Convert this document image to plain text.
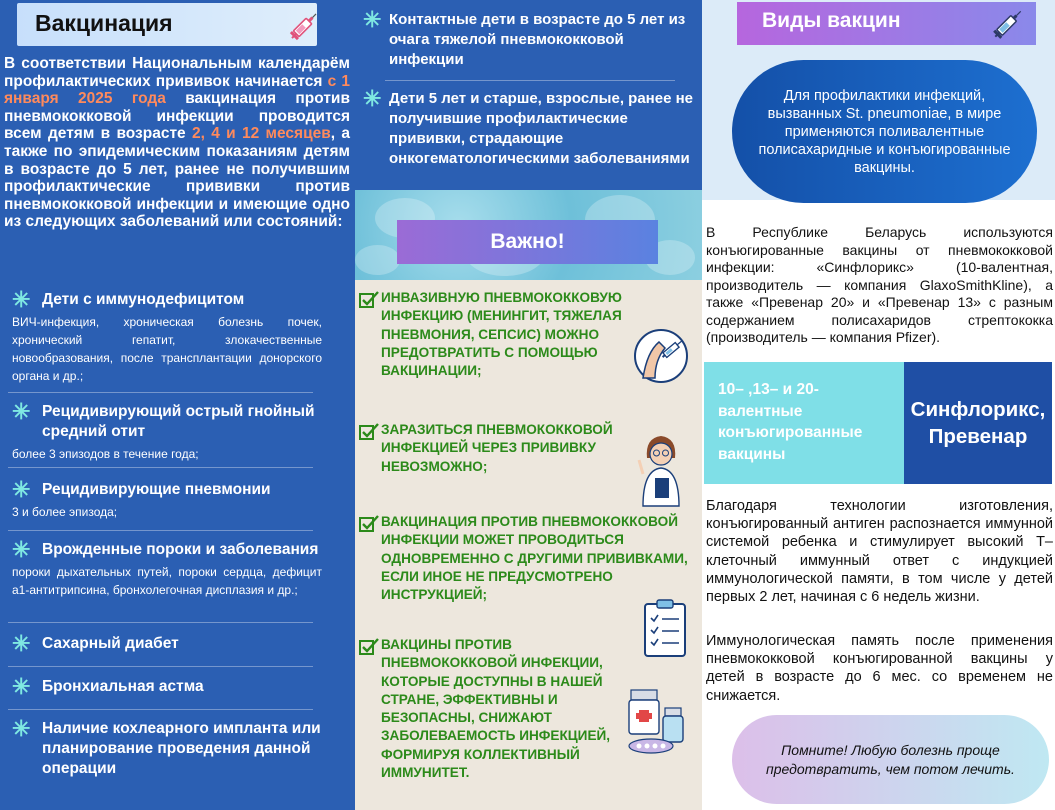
Вакцинация
В соответствии Национальным календарём профилактических прививок начинается с 1 января 2025 года вакцинация против пневмококковой инфекции проводится всем детям в возрасте 2, 4 и 12 месяцев, а также по эпидемическим показаниям детям в возрасте до 5 лет, ранее не получившим профилактические прививки против пневмококковой инфекции и имеющие одно из следующих заболеваний или состояний:
✳ Дети с иммунодефицитом
ВИЧ-инфекция, хроническая болезнь почек, хронический гепатит, злокачественные новообразования, после трансплантации донорского органа и др.;
✳ Рецидивирующий острый гнойный средний отит
более 3 эпизодов в течение года;
✳ Рецидивирующие пневмонии
3 и более эпизода;
✳ Врожденные пороки и заболевания
пороки дыхательных путей, пороки сердца, дефицит а1-антитрипсина, бронхолегочная дисплазия и др.;
✳ Сахарный диабет
✳ Бронхиальная астма
✳ Наличие кохлеарного импланта или планирование проведения данной операции
✳ Контактные дети в возрасте до 5 лет из очага тяжелой пневмококковой инфекции
✳ Дети 5 лет и старше, взрослые, ранее не получившие профилактические прививки, страдающие онкогематологическими заболеваниями
Важно!
ИНВАЗИВНУЮ ПНЕВМОКОККОВУЮ ИНФЕКЦИЮ (МЕНИНГИТ, ТЯЖЕЛАЯ ПНЕВМОНИЯ, СЕПСИС) МОЖНО ПРЕДОТВРАТИТЬ С ПОМОЩЬЮ ВАКЦИНАЦИИ;
ЗАРАЗИТЬСЯ ПНЕВМОКОККОВОЙ ИНФЕКЦИЕЙ ЧЕРЕЗ ПРИВИВКУ НЕВОЗМОЖНО;
ВАКЦИНАЦИЯ ПРОТИВ ПНЕВМОКОККОВОЙ ИНФЕКЦИИ МОЖЕТ ПРОВОДИТЬСЯ ОДНОВРЕМЕННО С ДРУГИМИ ПРИВИВКАМИ, ЕСЛИ ИНОЕ НЕ ПРЕДУСМОТРЕНО ИНСТРУКЦИЕЙ;
ВАКЦИНЫ ПРОТИВ ПНЕВМОКОККОВОЙ ИНФЕКЦИИ, КОТОРЫЕ ДОСТУПНЫ В НАШЕЙ СТРАНЕ, ЭФФЕКТИВНЫ И БЕЗОПАСНЫ, СНИЖАЮТ ЗАБОЛЕВАЕМОСТЬ ИНФЕКЦИЕЙ, ФОРМИРУЯ КОЛЛЕКТИВНЫЙ ИММУНИТЕТ.
Виды вакцин
Для профилактики инфекций, вызванных St. pneumoniae, в мире применяются поливалентные полисахаридные и конъюгированные вакцины.
В Республике Беларусь используются конъюгированные вакцины от пневмококковой инфекции: «Синфлорикс» (10-валентная, производитель — компания GlaxoSmithKline), а также «Превенар 20» и «Превенар 13» с разным содержанием полисахаридов стрептококка (производитель — компания Pfizer).
10– ,13– и 20-валентные конъюгированные вакцины
Синфлорикс, Превенар
Благодаря технологии изготовления, конъюгированный антиген распознается иммунной системой ребенка и стимулирует высокий Т–клеточный иммунный ответ с индукцией иммунологической памяти, в том числе у детей первых 2 лет, начиная с 6 недель жизни.
Иммунологическая память после применения пневмококковой конъюгированной вакцины у детей в возрасте до 6 мес. со временем не снижается.
Помните! Любую болезнь проще предотвратить, чем потом лечить.
